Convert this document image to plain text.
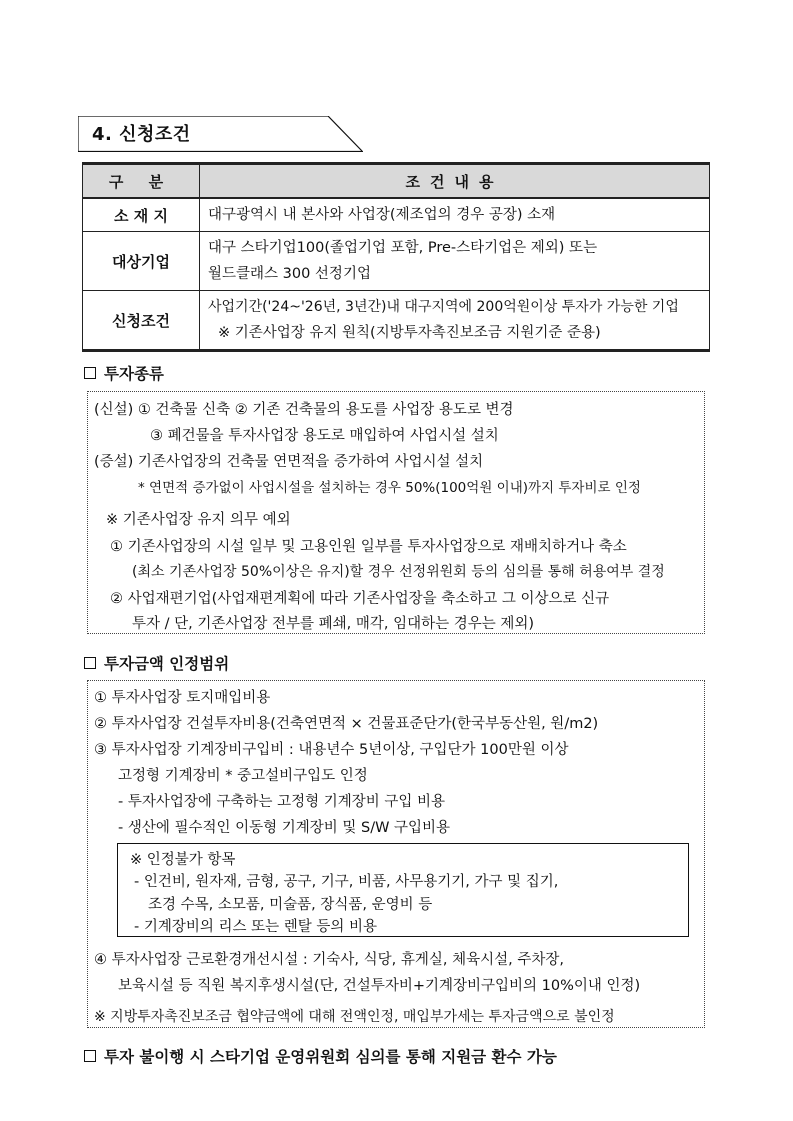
4. 신청조건
구 분	조건내용
소 재 지	대구광역시 내 본사와 사업장(제조업의 경우 공장) 소재

대상기업	대구 스타기업100(졸업기업 포함, Pre-스타기업은 제외) 또는
월드클래스 300 선정기업

신청조건	사업기간('24~'26년, 3년간)내 대구지역에 200억원이상 투자가 가능한 기업
※ 기존사업장 유지 원칙(지방투자촉진보조금 지원기준 준용)
투자종류
(신설) ① 건축물 신축 ② 기존 건축물의 용도를 사업장 용도로 변경
③ 폐건물을 투자사업장 용도로 매입하여 사업시설 설치
(증설) 기존사업장의 건축물 연면적을 증가하여 사업시설 설치
* 연면적 증가없이 사업시설을 설치하는 경우 50%(100억원 이내)까지 투자비로 인정
※ 기존사업장 유지 의무 예외
① 기존사업장의 시설 일부 및 고용인원 일부를 투자사업장으로 재배치하거나 축소
(최소 기존사업장 50%이상은 유지)할 경우 선정위원회 등의 심의를 통해 허용여부 결정
② 사업재편기업(사업재편계획에 따라 기존사업장을 축소하고 그 이상으로 신규
투자 / 단, 기존사업장 전부를 폐쇄, 매각, 임대하는 경우는 제외)
투자금액 인정범위
① 투자사업장 토지매입비용
② 투자사업장 건설투자비용(건축연면적 × 건물표준단가(한국부동산원, 원/m2)
③ 투자사업장 기계장비구입비 : 내용년수 5년이상, 구입단가 100만원 이상
고정형 기계장비 * 중고설비구입도 인정
- 투자사업장에 구축하는 고정형 기계장비 구입 비용
- 생산에 필수적인 이동형 기계장비 및 S/W 구입비용
④ 투자사업장 근로환경개선시설 : 기숙사, 식당, 휴게실, 체육시설, 주차장,
보육시설 등 직원 복지후생시설(단, 건설투자비+기계장비구입비의 10%이내 인정)
※ 지방투자촉진보조금 협약금액에 대해 전액인정, 매입부가세는 투자금액으로 불인정
※ 인정불가 항목
- 인건비, 원자재, 금형, 공구, 기구, 비품, 사무용기기, 가구 및 집기,
조경 수목, 소모품, 미술품, 장식품, 운영비 등
- 기계장비의 리스 또는 렌탈 등의 비용
투자 불이행 시 스타기업 운영위원회 심의를 통해 지원금 환수 가능
